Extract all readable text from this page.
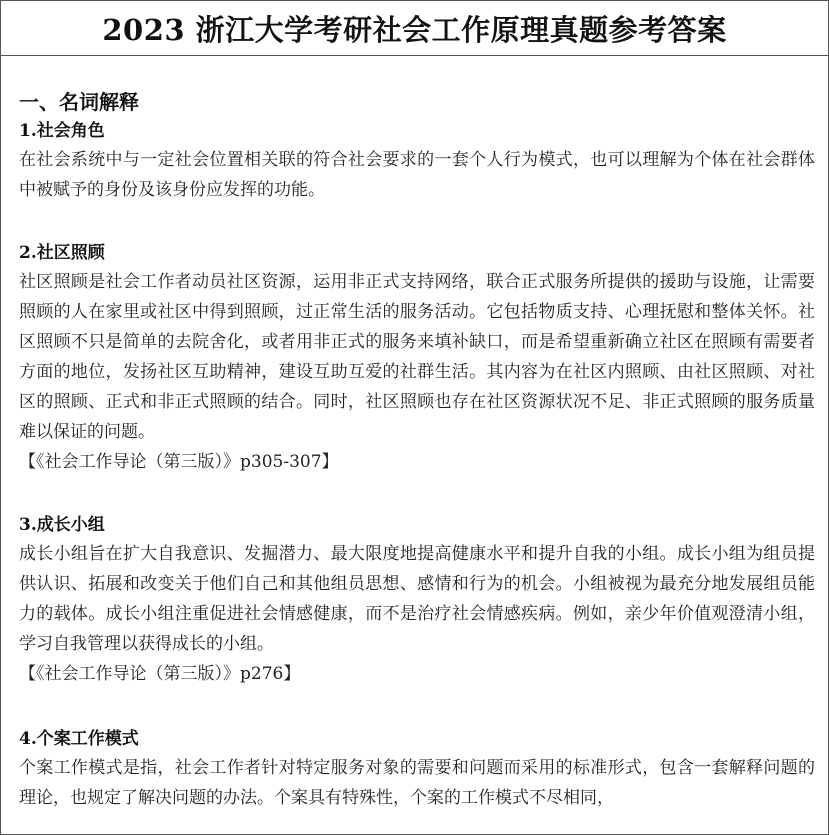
2023 浙江大学考研社会工作原理真题参考答案
一、名词解释
1.社会角色

在社会系统中与一定社会位置相关联的符合社会要求的一套个人行为模式，也可以理解为个体在社会群体中被赋予的身份及该身份应发挥的功能。

2.社区照顾

社区照顾是社会工作者动员社区资源，运用非正式支持网络，联合正式服务所提供的援助与设施，让需要照顾的人在家里或社区中得到照顾，过正常生活的服务活动。它包括物质支持、心理抚慰和整体关怀。社区照顾不只是简单的去院舍化，或者用非正式的服务来填补缺口，而是希望重新确立社区在照顾有需要者方面的地位，发扬社区互助精神，建设互助互爱的社群生活。其内容为在社区内照顾、由社区照顾、对社区的照顾、正式和非正式照顾的结合。同时，社区照顾也存在社区资源状况不足、非正式照顾的服务质量难以保证的问题。

【《社会工作导论（第三版）》p305-307】

3.成长小组

成长小组旨在扩大自我意识、发掘潜力、最大限度地提高健康水平和提升自我的小组。成长小组为组员提供认识、拓展和改变关于他们自己和其他组员思想、感情和行为的机会。小组被视为最充分地发展组员能力的载体。成长小组注重促进社会情感健康，而不是治疗社会情感疾病。例如，亲少年价值观澄清小组，学习自我管理以获得成长的小组。

【《社会工作导论（第三版）》p276】

4.个案工作模式

个案工作模式是指，社会工作者针对特定服务对象的需要和问题而采用的标准形式，包含一套解释问题的理论，也规定了解决问题的办法。个案具有特殊性，个案的工作模式不尽相同，
